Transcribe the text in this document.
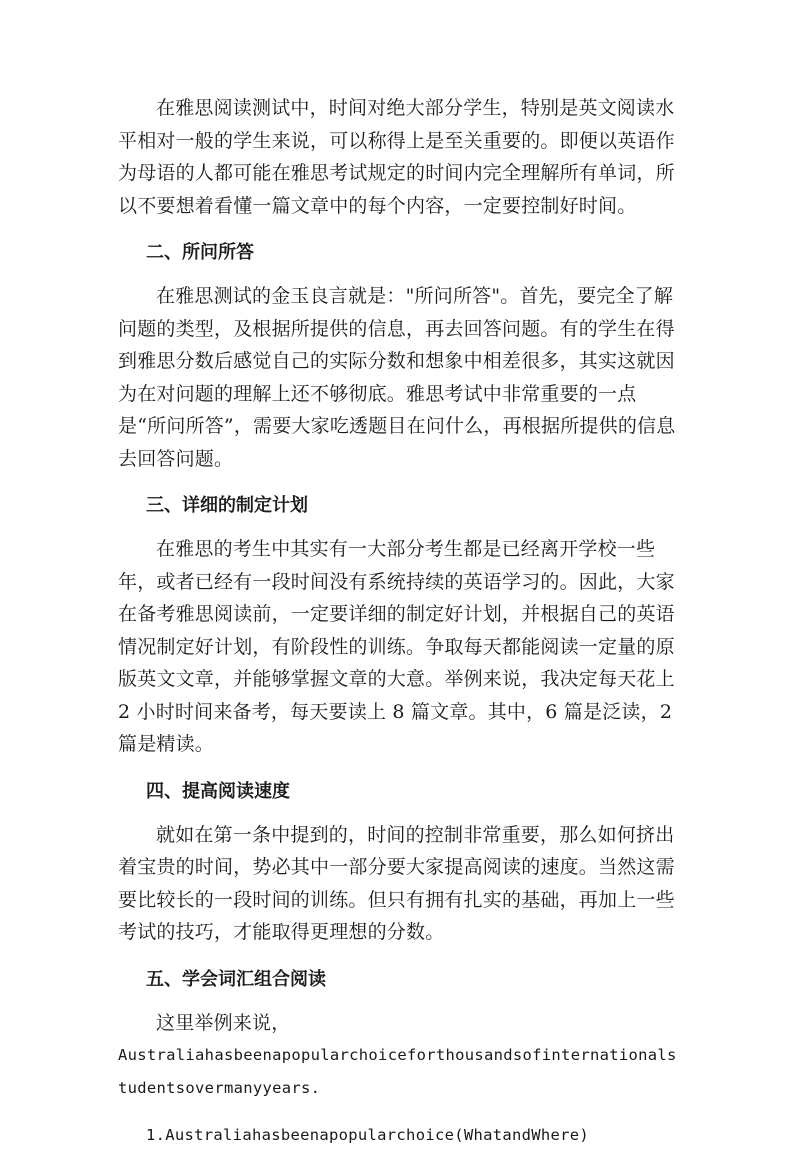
在雅思阅读测试中，时间对绝大部分学生，特别是英文阅读水平相对一般的学生来说，可以称得上是至关重要的。即便以英语作为母语的人都可能在雅思考试规定的时间内完全理解所有单词，所以不要想着看懂一篇文章中的每个内容，一定要控制好时间。

二、所问所答

在雅思测试的金玉良言就是："所问所答"。首先，要完全了解问题的类型，及根据所提供的信息，再去回答问题。有的学生在得到雅思分数后感觉自己的实际分数和想象中相差很多，其实这就因为在对问题的理解上还不够彻底。雅思考试中非常重要的一点是“所问所答”，需要大家吃透题目在问什么，再根据所提供的信息去回答问题。

三、详细的制定计划

在雅思的考生中其实有一大部分考生都是已经离开学校一些年，或者已经有一段时间没有系统持续的英语学习的。因此，大家在备考雅思阅读前，一定要详细的制定好计划，并根据自己的英语情况制定好计划，有阶段性的训练。争取每天都能阅读一定量的原版英文文章，并能够掌握文章的大意。举例来说，我决定每天花上 2 小时时间来备考，每天要读上 8 篇文章。其中，6 篇是泛读，2 篇是精读。

四、提高阅读速度

就如在第一条中提到的，时间的控制非常重要，那么如何挤出着宝贵的时间，势必其中一部分要大家提高阅读的速度。当然这需要比较长的一段时间的训练。但只有拥有扎实的基础，再加上一些考试的技巧，才能取得更理想的分数。

五、学会词汇组合阅读

这里举例来说，

Australiahasbeenapopularchoiceforthousandsofinternationalstudentsovermanyyears.
1.Australiahasbeenapopularchoice(WhatandWhere)
